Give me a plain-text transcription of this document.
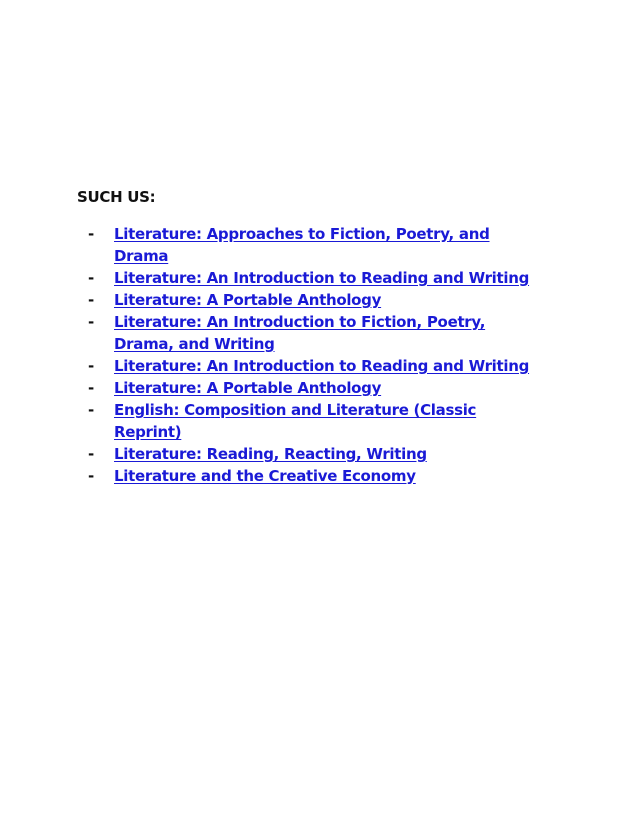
SUCH US:

- Literature: Approaches to Fiction, Poetry, and Drama
- Literature: An Introduction to Reading and Writing
- Literature: A Portable Anthology
- Literature: An Introduction to Fiction, Poetry, Drama, and Writing
- Literature: An Introduction to Reading and Writing
- Literature: A Portable Anthology
- English: Composition and Literature (Classic Reprint)
- Literature: Reading, Reacting, Writing
- Literature and the Creative Economy
